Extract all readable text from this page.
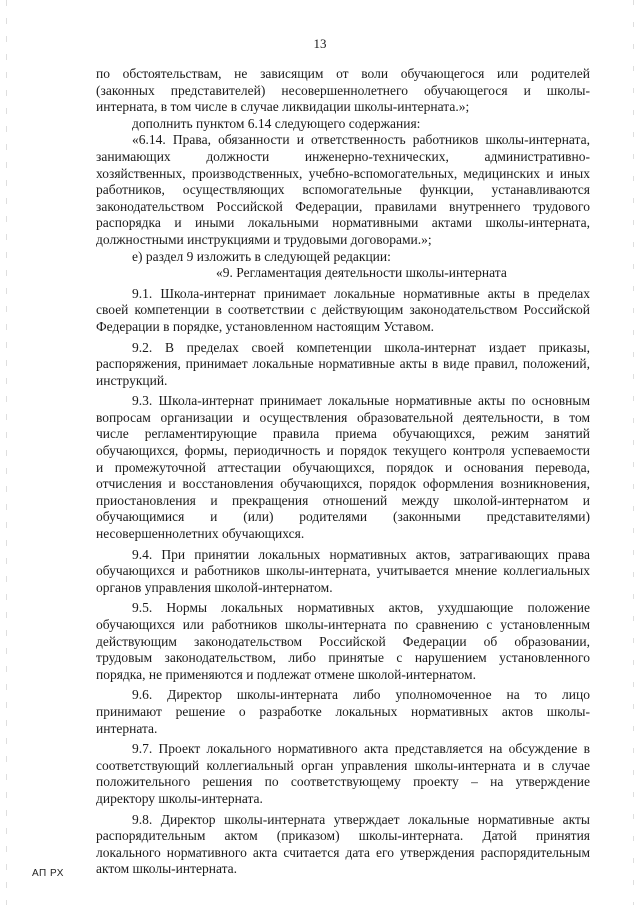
13
по обстоятельствам, не зависящим от воли обучающегося или родителей
(законных представителей) несовершеннолетнего обучающегося и школы-
интерната, в том числе в случае ликвидации школы-интерната.»;
дополнить пунктом 6.14 следующего содержания:
«6.14. Права, обязанности и ответственность работников школы-интерната,
занимающих должности инженерно-технических, административно-
хозяйственных, производственных, учебно-вспомогательных, медицинских и иных
работников, осуществляющих вспомогательные функции, устанавливаются
законодательством Российской Федерации, правилами внутреннего трудового
распорядка и иными локальными нормативными актами школы-интерната,
должностными инструкциями и трудовыми договорами.»;
е) раздел 9 изложить в следующей редакции:
«9. Регламентация деятельности школы-интерната
9.1. Школа-интернат принимает локальные нормативные акты в пределах
своей компетенции в соответствии с действующим законодательством Российской
Федерации в порядке, установленном настоящим Уставом.
9.2. В пределах своей компетенции школа-интернат издает приказы,
распоряжения, принимает локальные нормативные акты в виде правил, положений,
инструкций.
9.3. Школа-интернат принимает локальные нормативные акты по основным
вопросам организации и осуществления образовательной деятельности, в том
числе регламентирующие правила приема обучающихся, режим занятий
обучающихся, формы, периодичность и порядок текущего контроля успеваемости
и промежуточной аттестации обучающихся, порядок и основания перевода,
отчисления и восстановления обучающихся, порядок оформления возникновения,
приостановления и прекращения отношений между школой-интернатом и
обучающимися и (или) родителями (законными представителями)
несовершеннолетних обучающихся.
9.4. При принятии локальных нормативных актов, затрагивающих права
обучающихся и работников школы-интерната, учитывается мнение коллегиальных
органов управления школой-интернатом.
9.5. Нормы локальных нормативных актов, ухудшающие положение
обучающихся или работников школы-интерната по сравнению с установленным
действующим законодательством Российской Федерации об образовании,
трудовым законодательством, либо принятые с нарушением установленного
порядка, не применяются и подлежат отмене школой-интернатом.
9.6. Директор школы-интерната либо уполномоченное на то лицо
принимают решение о разработке локальных нормативных актов школы-
интерната.
9.7. Проект локального нормативного акта представляется на обсуждение в
соответствующий коллегиальный орган управления школы-интерната и в случае
положительного решения по соответствующему проекту – на утверждение
директору школы-интерната.
9.8. Директор школы-интерната утверждает локальные нормативные акты
распорядительным актом (приказом) школы-интерната. Датой принятия
локального нормативного акта считается дата его утверждения распорядительным
актом школы-интерната.
АП РХ
